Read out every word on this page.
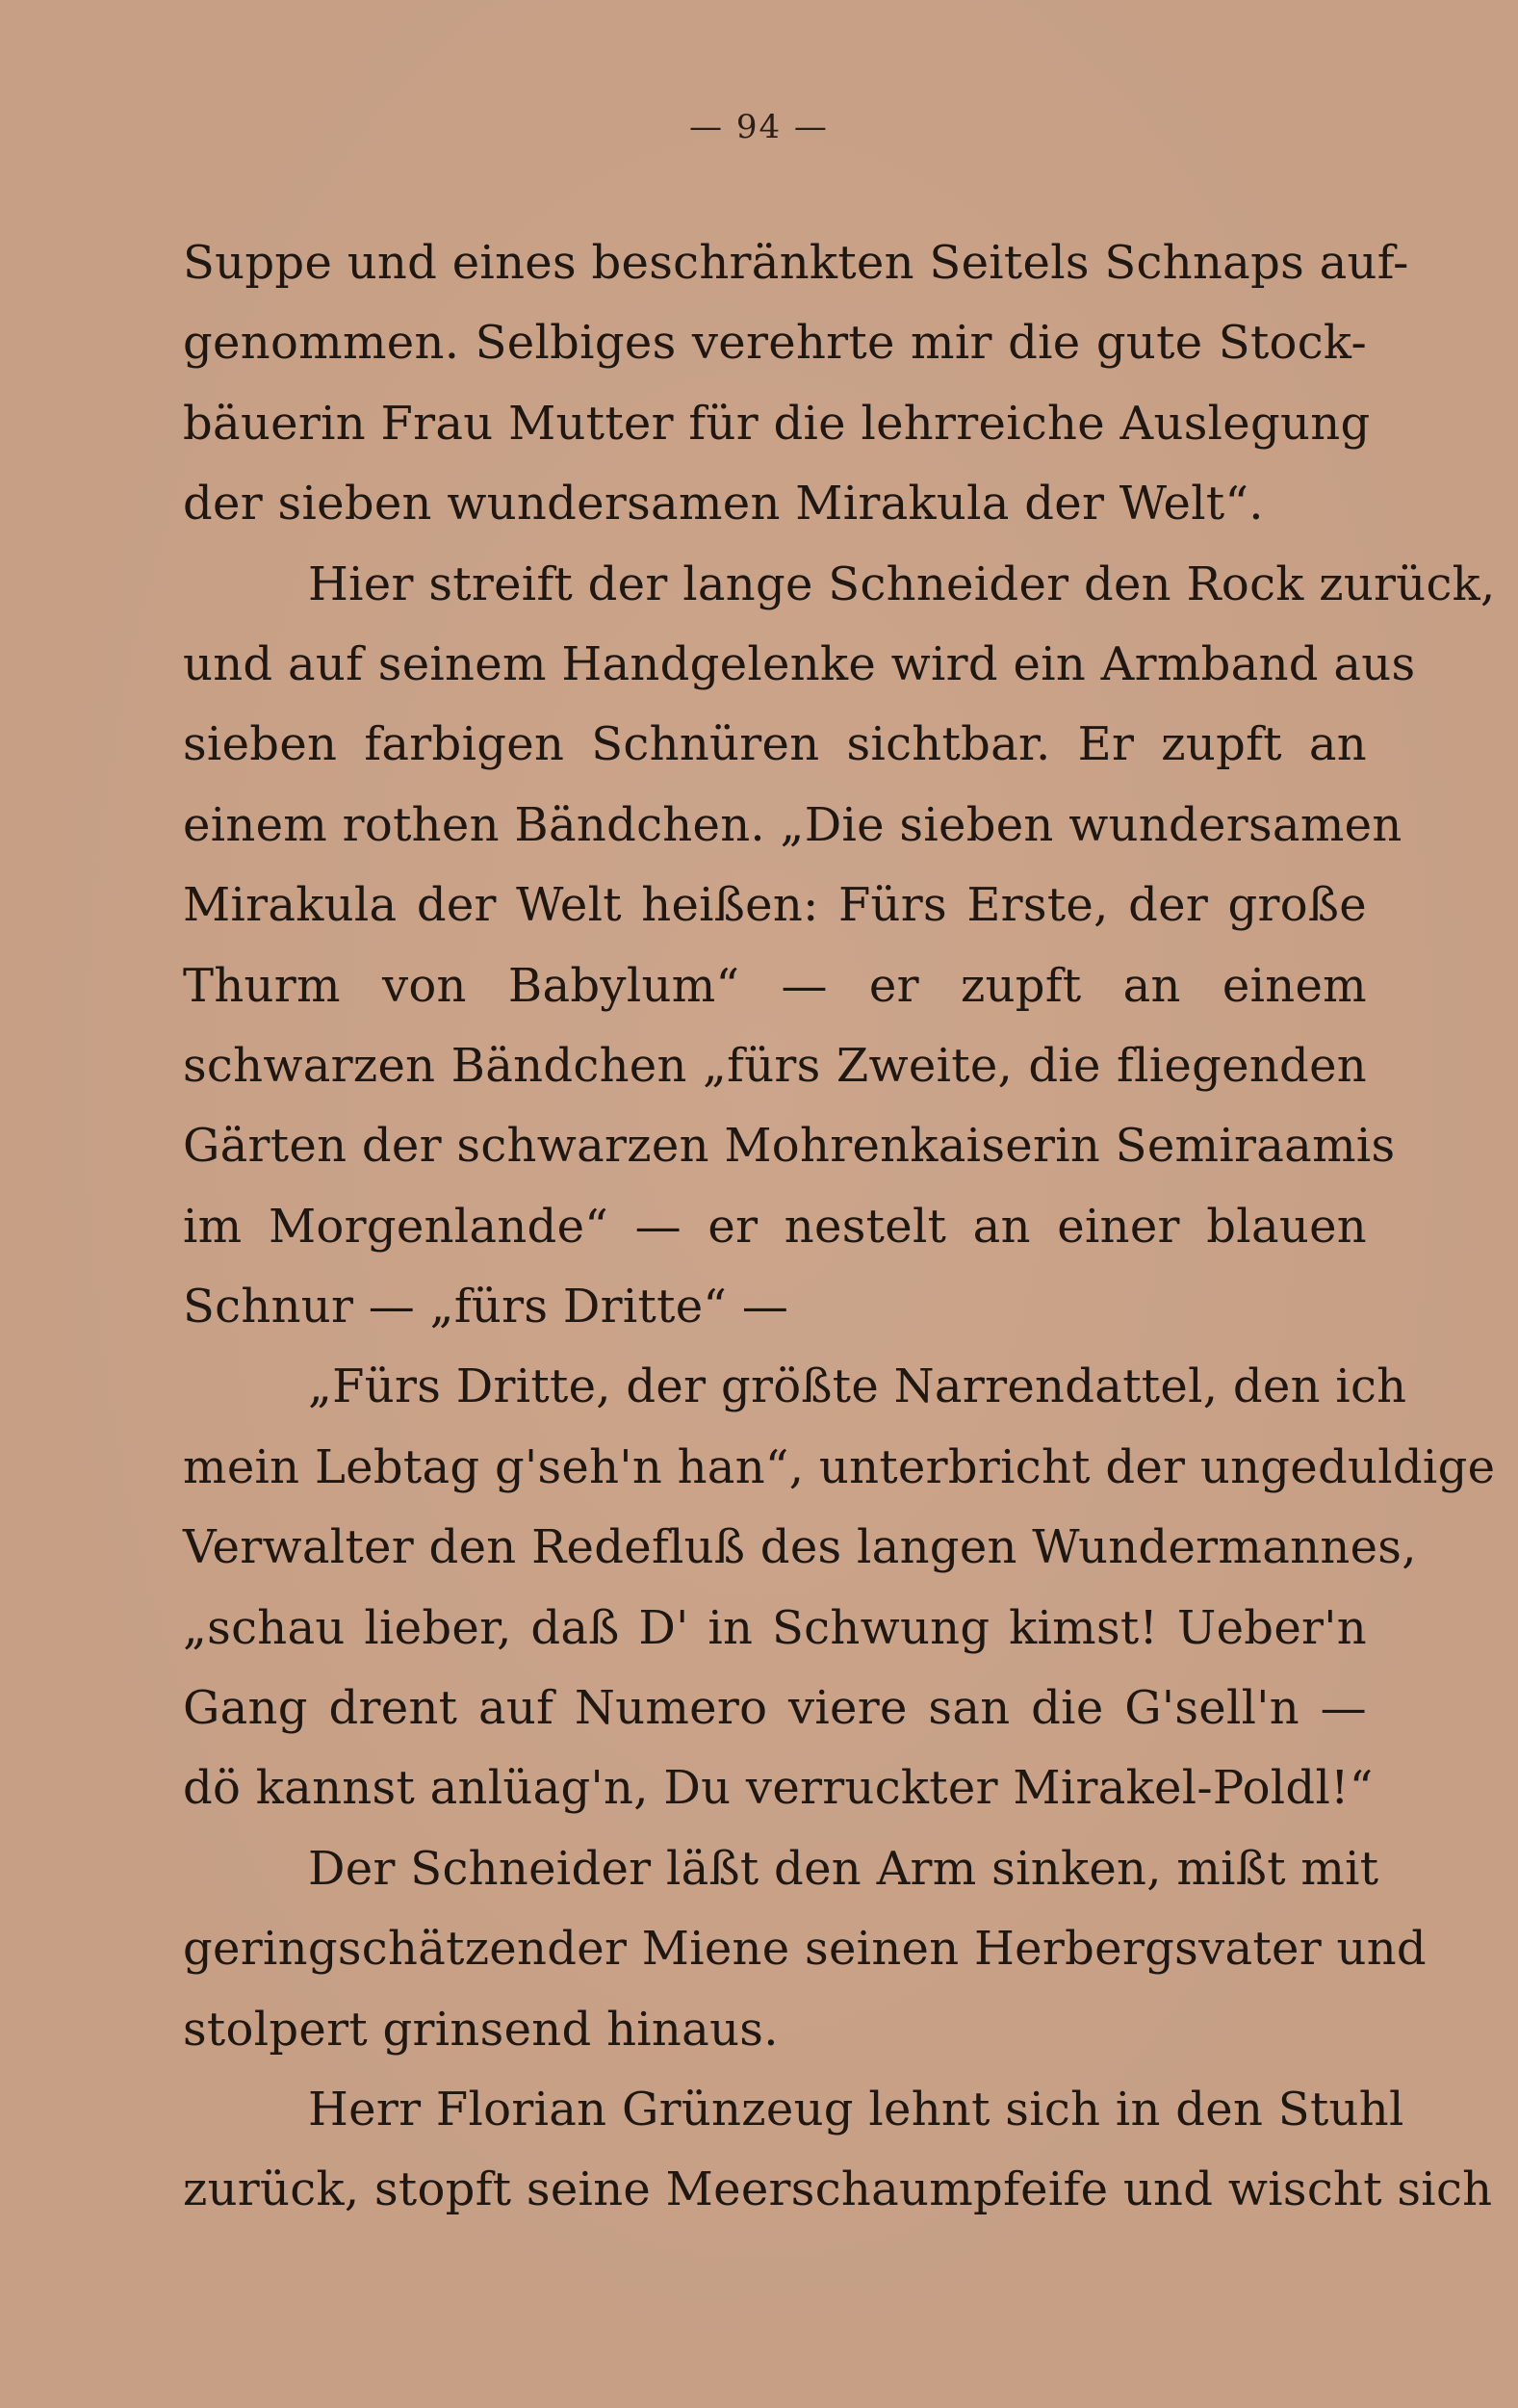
— 94 —
Suppe und eines beschränkten Seitels Schnaps auf-
genommen. Selbiges verehrte mir die gute Stock-
bäuerin Frau Mutter für die lehrreiche Auslegung
der sieben wundersamen Mirakula der Welt“.
Hier streift der lange Schneider den Rock zurück,
und auf seinem Handgelenke wird ein Armband aus
sieben farbigen Schnüren sichtbar. Er zupft an
einem rothen Bändchen. „Die sieben wundersamen
Mirakula der Welt heißen: Fürs Erste, der große
Thurm von Babylum“ — er zupft an einem
schwarzen Bändchen „fürs Zweite, die fliegenden
Gärten der schwarzen Mohrenkaiserin Semiraamis
im Morgenlande“ — er nestelt an einer blauen
Schnur — „fürs Dritte“ —
„Fürs Dritte, der größte Narrendattel, den ich
mein Lebtag g'seh'n han“, unterbricht der ungeduldige
Verwalter den Redefluß des langen Wundermannes,
„schau lieber, daß D' in Schwung kimst! Ueber'n
Gang drent auf Numero viere san die G'sell'n —
dö kannst anlüag'n, Du verruckter Mirakel-Poldl!“
Der Schneider läßt den Arm sinken, mißt mit
geringschätzender Miene seinen Herbergsvater und
stolpert grinsend hinaus.
Herr Florian Grünzeug lehnt sich in den Stuhl
zurück, stopft seine Meerschaumpfeife und wischt sich
